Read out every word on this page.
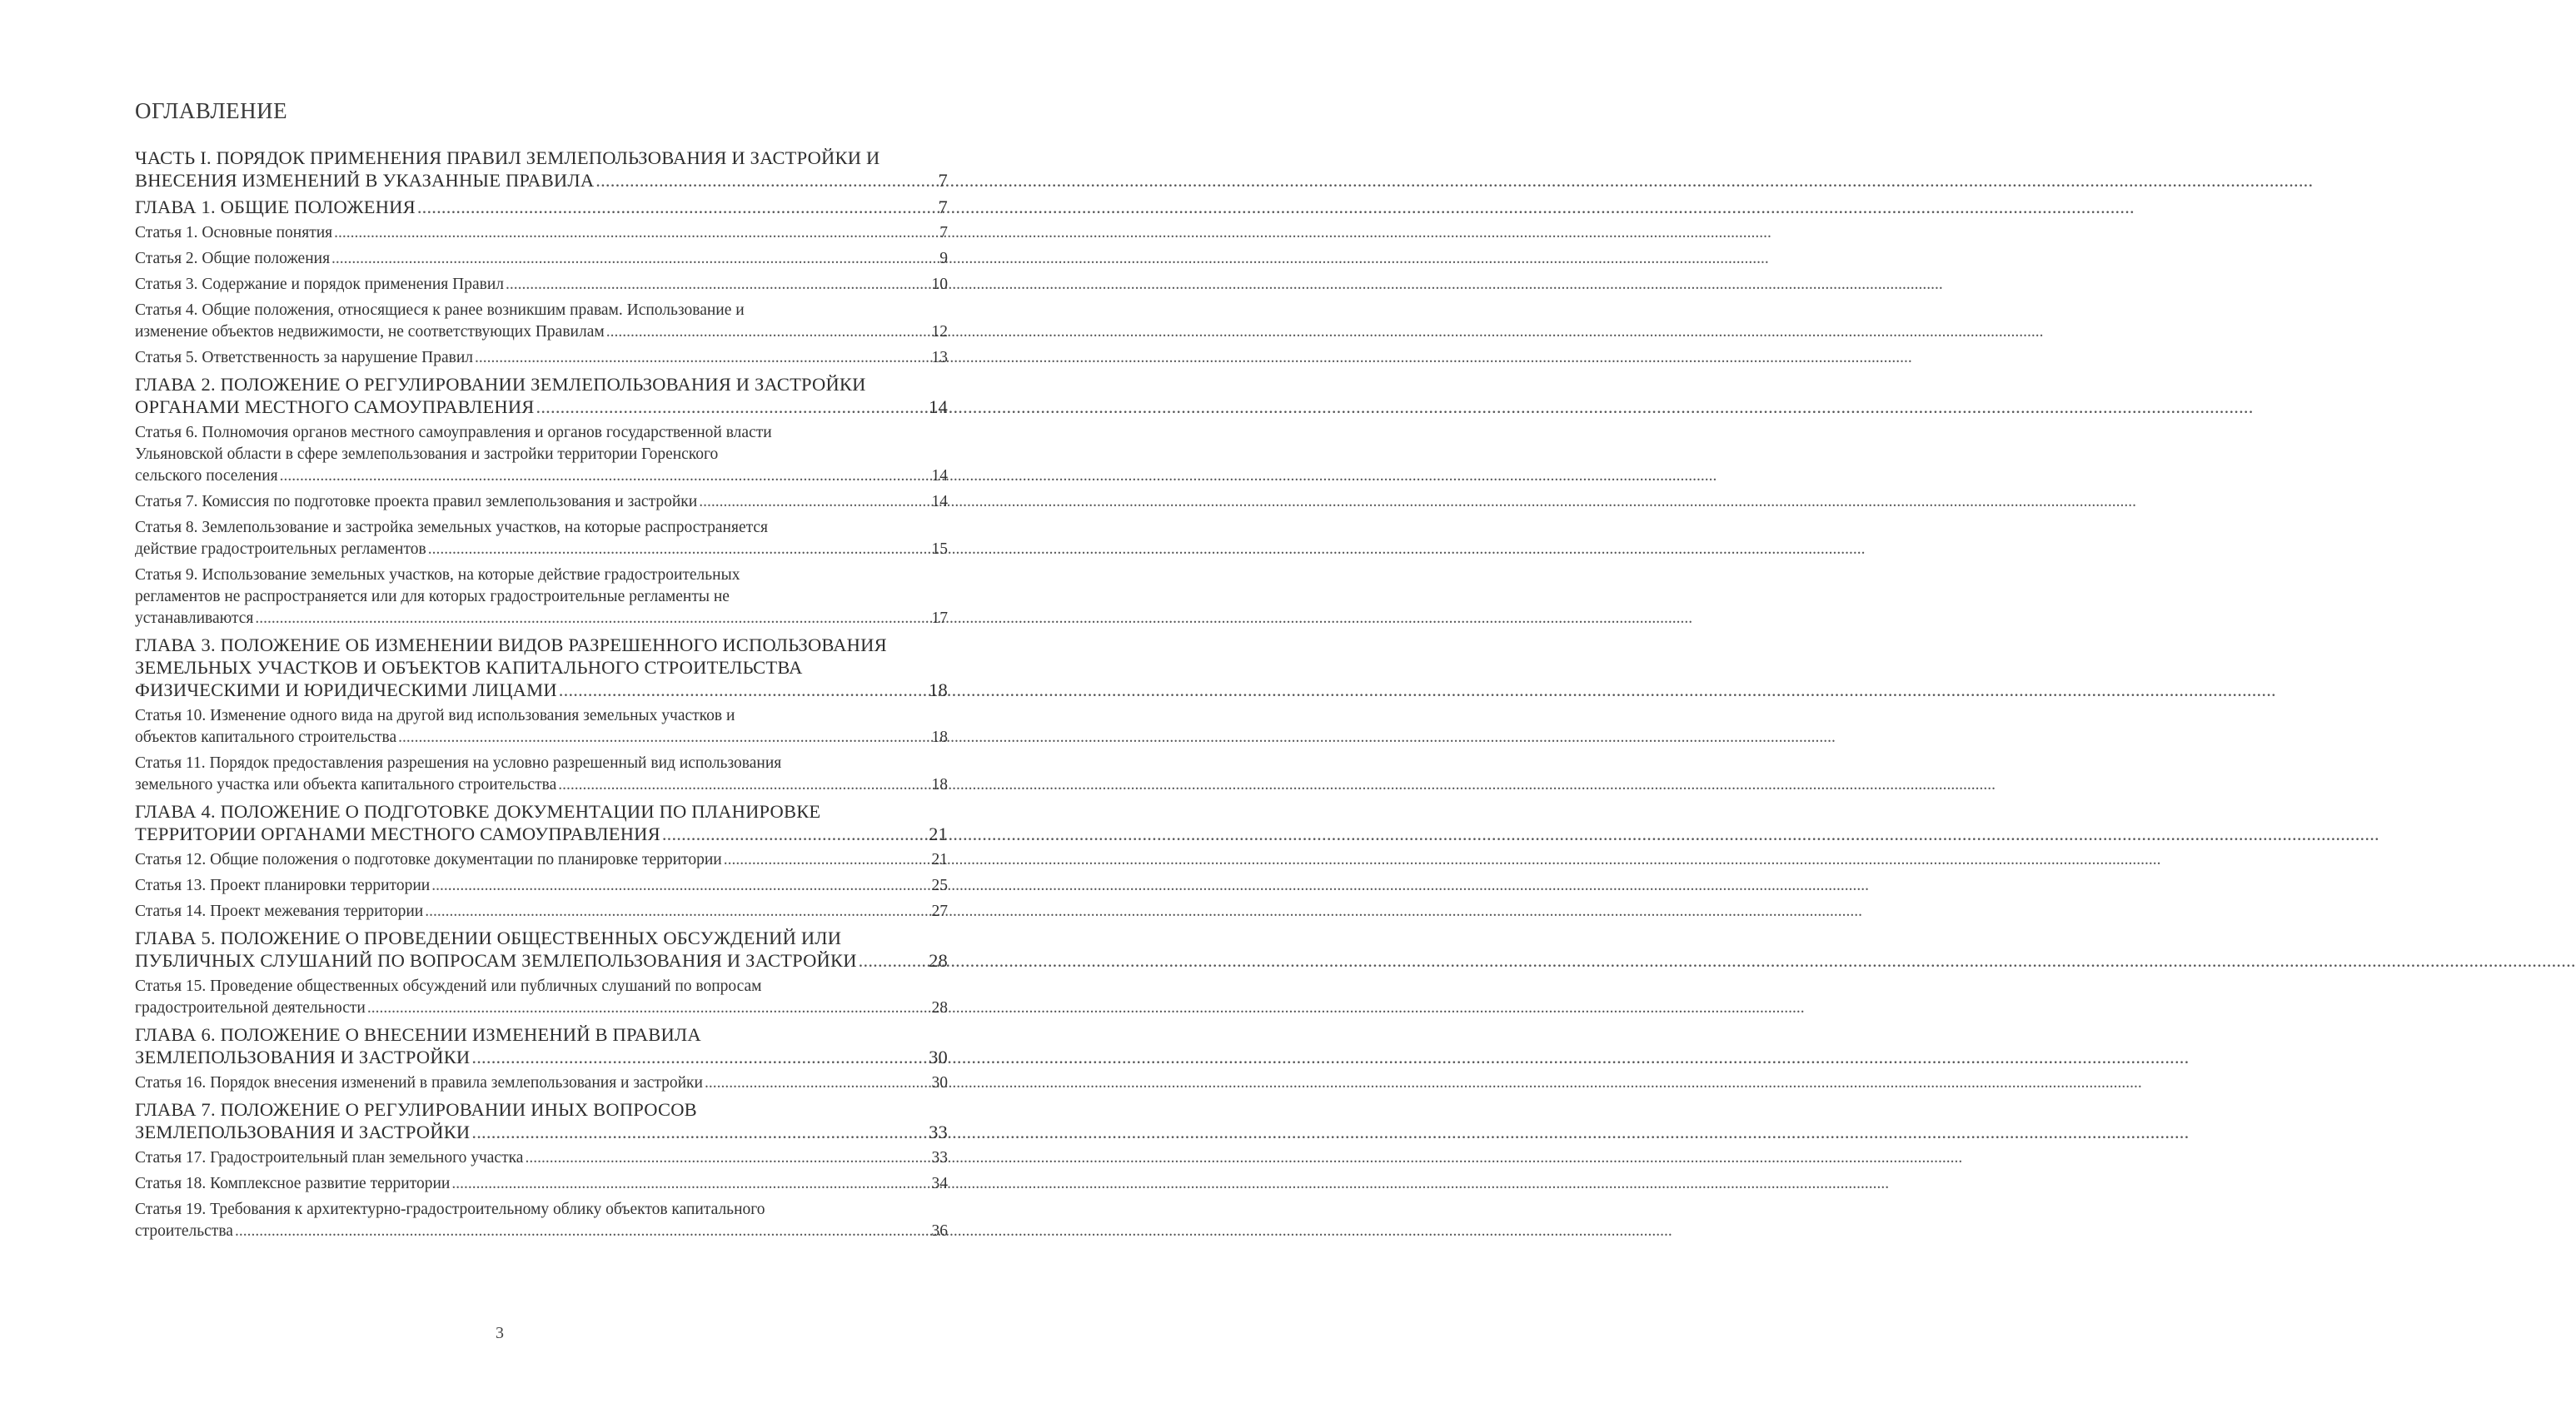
ОГЛАВЛЕНИЕ
ЧАСТЬ I. ПОРЯДОК ПРИМЕНЕНИЯ ПРАВИЛ ЗЕМЛЕПОЛЬЗОВАНИЯ И ЗАСТРОЙКИ И
ВНЕСЕНИЯ ИЗМЕНЕНИЙ В УКАЗАННЫЕ ПРАВИЛА .....	7
ГЛАВА 1. ОБЩИЕ ПОЛОЖЕНИЯ .....	7
Статья 1. Основные понятия .....	7
Статья 2. Общие положения .....	9
Статья 3. Содержание и порядок применения Правил .....	10
Статья 4. Общие положения, относящиеся к ранее возникшим правам. Использование и
изменение объектов недвижимости, не соответствующих Правилам .....	12
Статья 5. Ответственность за нарушение Правил .....	13
ГЛАВА 2. ПОЛОЖЕНИЕ О РЕГУЛИРОВАНИИ ЗЕМЛЕПОЛЬЗОВАНИЯ И ЗАСТРОЙКИ
ОРГАНАМИ МЕСТНОГО САМОУПРАВЛЕНИЯ .....	14
Статья 6. Полномочия органов местного самоуправления и органов государственной власти
Ульяновской области в сфере землепользования и застройки территории Горенского
сельского поселения .....	14
Статья 7. Комиссия по подготовке проекта правил землепользования и застройки .....	14
Статья 8. Землепользование и застройка земельных участков, на которые распространяется
действие градостроительных регламентов .....	15
Статья 9. Использование земельных участков, на которые действие градостроительных
регламентов не распространяется или для которых градостроительные регламенты не
устанавливаются .....	17
ГЛАВА 3. ПОЛОЖЕНИЕ ОБ ИЗМЕНЕНИИ ВИДОВ РАЗРЕШЕННОГО ИСПОЛЬЗОВАНИЯ
ЗЕМЕЛЬНЫХ УЧАСТКОВ И ОБЪЕКТОВ КАПИТАЛЬНОГО СТРОИТЕЛЬСТВА
ФИЗИЧЕСКИМИ И ЮРИДИЧЕСКИМИ ЛИЦАМИ .....	18
Статья 10. Изменение одного вида на другой вид использования земельных участков и
объектов капитального строительства .....	18
Статья 11. Порядок предоставления разрешения на условно разрешенный вид использования
земельного участка или объекта капитального строительства .....	18
ГЛАВА 4. ПОЛОЖЕНИЕ О ПОДГОТОВКЕ ДОКУМЕНТАЦИИ ПО ПЛАНИРОВКЕ
ТЕРРИТОРИИ ОРГАНАМИ МЕСТНОГО САМОУПРАВЛЕНИЯ .....	21
Статья 12. Общие положения о подготовке документации по планировке территории .....	21
Статья 13. Проект планировки территории .....	25
Статья 14. Проект межевания территории .....	27
ГЛАВА 5. ПОЛОЖЕНИЕ О ПРОВЕДЕНИИ ОБЩЕСТВЕННЫХ ОБСУЖДЕНИЙ ИЛИ
ПУБЛИЧНЫХ СЛУШАНИЙ ПО ВОПРОСАМ ЗЕМЛЕПОЛЬЗОВАНИЯ И ЗАСТРОЙКИ .....	28
Статья 15. Проведение общественных обсуждений или публичных слушаний по вопросам
градостроительной деятельности .....	28
ГЛАВА 6. ПОЛОЖЕНИЕ О ВНЕСЕНИИ ИЗМЕНЕНИЙ В ПРАВИЛА
ЗЕМЛЕПОЛЬЗОВАНИЯ И ЗАСТРОЙКИ .....	30
Статья 16. Порядок внесения изменений в правила землепользования и застройки .....	30
ГЛАВА 7. ПОЛОЖЕНИЕ О РЕГУЛИРОВАНИИ ИНЫХ ВОПРОСОВ
ЗЕМЛЕПОЛЬЗОВАНИЯ И ЗАСТРОЙКИ .....	33
Статья 17. Градостроительный план земельного участка .....	33
Статья 18. Комплексное развитие территории .....	34
Статья 19. Требования к архитектурно-градостроительному облику объектов капитального
строительства .....	36
3
